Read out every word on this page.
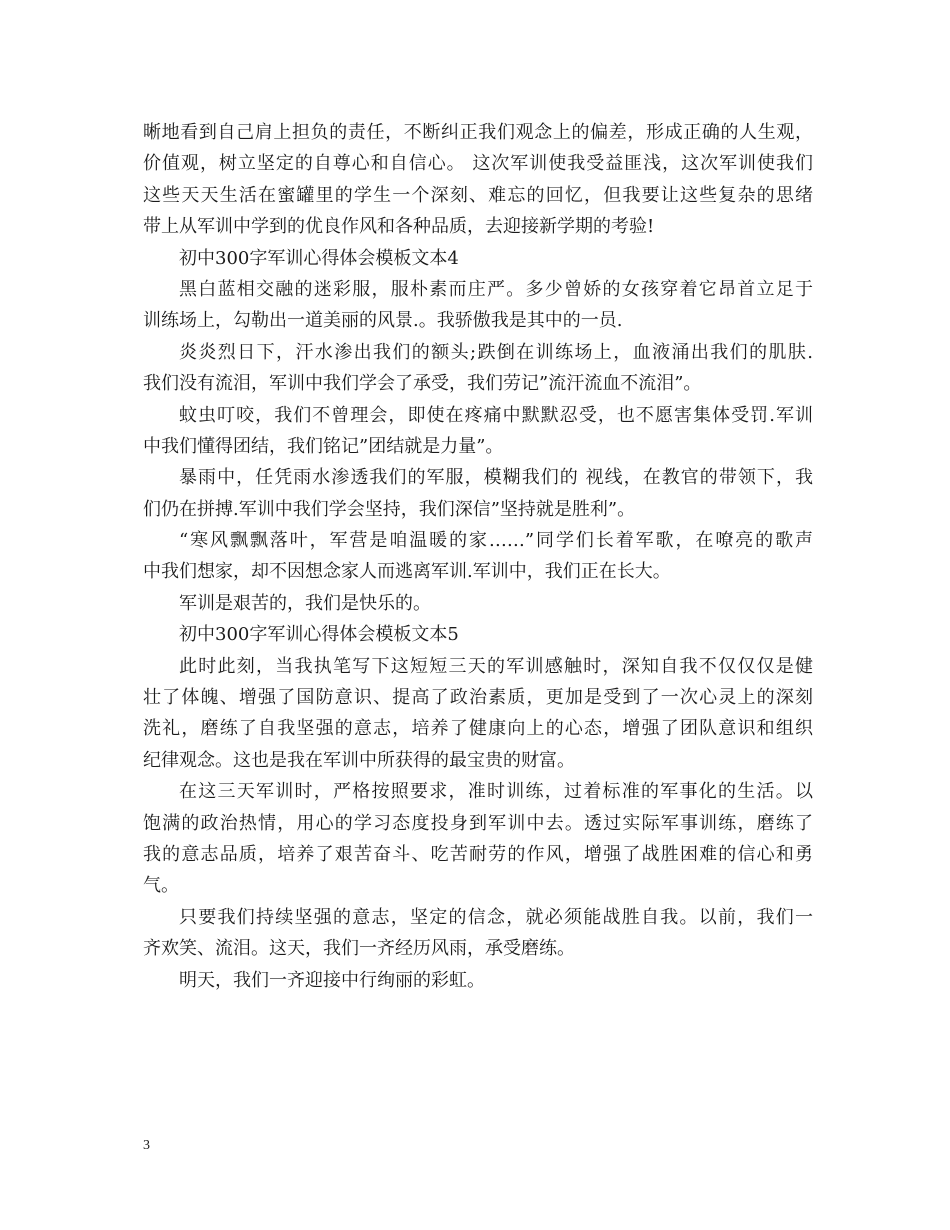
晰地看到自己肩上担负的责任，不断纠正我们观念上的偏差，形成正确的人生观，
价值观，树立坚定的自尊心和自信心。 这次军训使我受益匪浅，这次军训使我们
这些天天生活在蜜罐里的学生一个深刻、难忘的回忆，但我要让这些复杂的思绪
带上从军训中学到的优良作风和各种品质，去迎接新学期的考验!
初中300字军训心得体会模板文本4
黑白蓝相交融的迷彩服，服朴素而庄严。多少曾娇的女孩穿着它昂首立足于
训练场上，勾勒出一道美丽的风景.。我骄傲我是其中的一员.
炎炎烈日下，汗水渗出我们的额头;跌倒在训练场上，血液涌出我们的肌肤.
我们没有流泪，军训中我们学会了承受，我们劳记”流汗流血不流泪”。
蚊虫叮咬，我们不曾理会，即使在疼痛中默默忍受，也不愿害集体受罚.军训
中我们懂得团结，我们铭记”团结就是力量”。
暴雨中，任凭雨水渗透我们的军服，模糊我们的 视线，在教官的带领下，我
们仍在拼搏.军训中我们学会坚持，我们深信”坚持就是胜利”。
“寒风飘飘落叶，军营是咱温暖的家……”同学们长着军歌，在嘹亮的歌声
中我们想家，却不因想念家人而逃离军训.军训中，我们正在长大。
军训是艰苦的，我们是快乐的。
初中300字军训心得体会模板文本5
此时此刻，当我执笔写下这短短三天的军训感触时，深知自我不仅仅仅是健
壮了体魄、增强了国防意识、提高了政治素质，更加是受到了一次心灵上的深刻
洗礼，磨练了自我坚强的意志，培养了健康向上的心态，增强了团队意识和组织
纪律观念。这也是我在军训中所获得的最宝贵的财富。
在这三天军训时，严格按照要求，准时训练，过着标准的军事化的生活。以
饱满的政治热情，用心的学习态度投身到军训中去。透过实际军事训练，磨练了
我的意志品质，培养了艰苦奋斗、吃苦耐劳的作风，增强了战胜困难的信心和勇
气。
只要我们持续坚强的意志，坚定的信念，就必须能战胜自我。以前，我们一
齐欢笑、流泪。这天，我们一齐经历风雨，承受磨练。
明天，我们一齐迎接中行绚丽的彩虹。
3
